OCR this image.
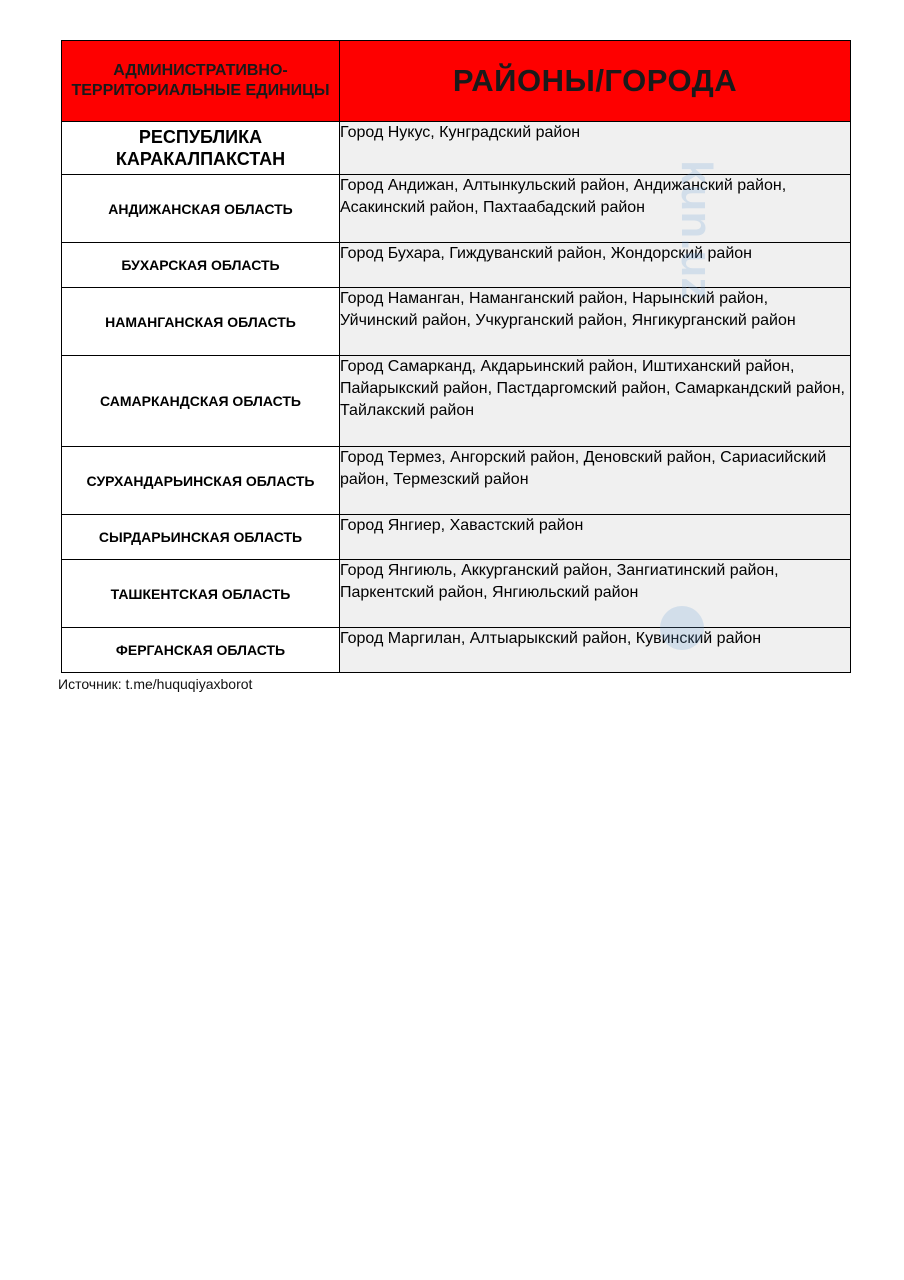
АДМИНИСТРАТИВНО-ТЕРРИТОРИАЛЬНЫЕ ЕДИНИЦЫ	РАЙОНЫ/ГОРОДА
РЕСПУБЛИКА КАРАКАЛПАКСТАН	Город Нукус, Кунградский район
АНДИЖАНСКАЯ ОБЛАСТЬ	Город Андижан, Алтынкульский район, Андижанский район, Асакинский район, Пахтаабадский район
БУХАРСКАЯ ОБЛАСТЬ	Город Бухара, Гиждуванский район, Жондорский район
НАМАНГАНСКАЯ ОБЛАСТЬ	Город Наманган, Наманганский район, Нарынский район, Уйчинский район, Учкурганский район, Янгикурганский район
САМАРКАНДСКАЯ ОБЛАСТЬ	Город Самарканд, Акдарьинский район, Иштиханский район, Пайарыкский район, Пастдаргомский район, Самаркандский район, Тайлакский район
СУРХАНДАРЬИНСКАЯ ОБЛАСТЬ	Город Термез, Ангорский район, Деновский район, Сариасийский район, Термезский район
СЫРДАРЬИНСКАЯ ОБЛАСТЬ	Город Янгиер, Хавастский район
ТАШКЕНТСКАЯ ОБЛАСТЬ	Город Янгиюль, Аккурганский район, Зангиатинский район, Паркентский район, Янгиюльский район
ФЕРГАНСКАЯ ОБЛАСТЬ	Город Маргилан, Алтыарыкский район, Кувинский район
kun.uz
Источник: t.me/huquqiyaxborot
